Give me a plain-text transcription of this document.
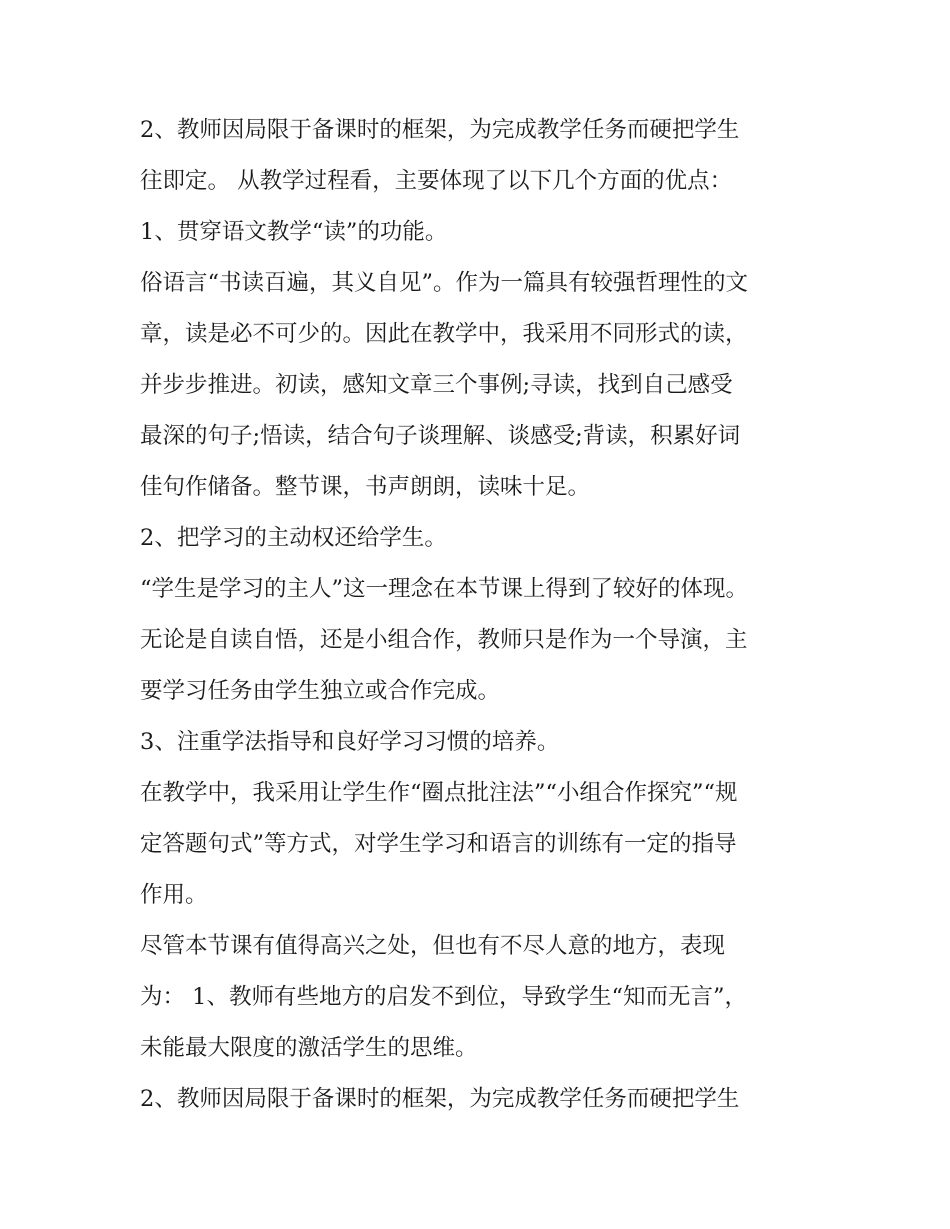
2、教师因局限于备课时的框架，为完成教学任务而硬把学生
往即定。 从教学过程看，主要体现了以下几个方面的优点：
1、贯穿语文教学“读”的功能。
俗语言“书读百遍，其义自见”。作为一篇具有较强哲理性的文
章，读是必不可少的。因此在教学中，我采用不同形式的读，
并步步推进。初读，感知文章三个事例;寻读，找到自己感受
最深的句子;悟读，结合句子谈理解、谈感受;背读，积累好词
佳句作储备。整节课，书声朗朗，读味十足。
2、把学习的主动权还给学生。
“学生是学习的主人”这一理念在本节课上得到了较好的体现。
无论是自读自悟，还是小组合作，教师只是作为一个导演，主
要学习任务由学生独立或合作完成。
3、注重学法指导和良好学习习惯的培养。
在教学中，我采用让学生作“圈点批注法”“小组合作探究”“规
定答题句式”等方式，对学生学习和语言的训练有一定的指导
作用。
尽管本节课有值得高兴之处，但也有不尽人意的地方，表现
为： 1、教师有些地方的启发不到位，导致学生“知而无言”，
未能最大限度的激活学生的思维。
2、教师因局限于备课时的框架，为完成教学任务而硬把学生
